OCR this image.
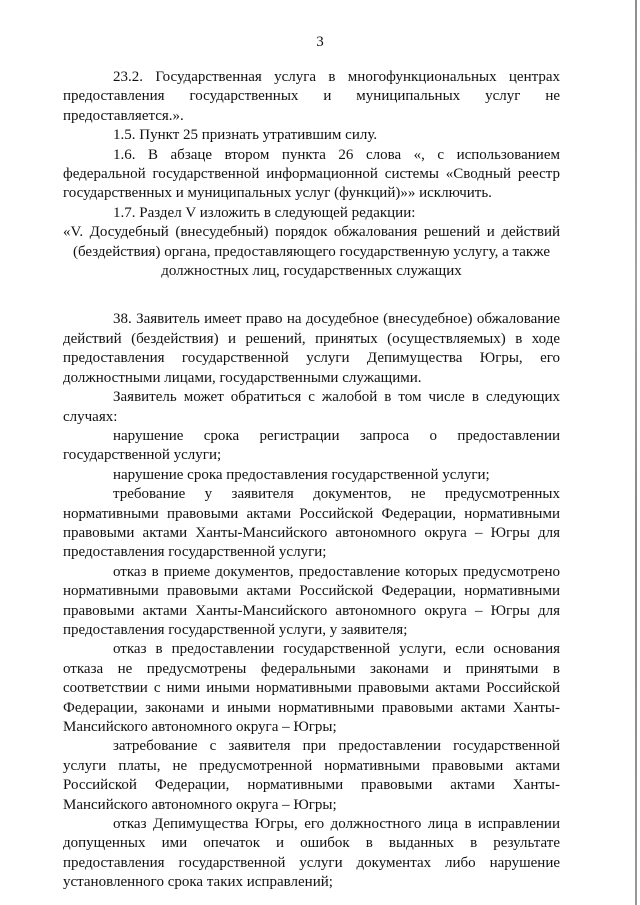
3

23.2. Государственная услуга в многофункциональных центрах предоставления государственных и муниципальных услуг не предоставляется.».

1.5. Пункт 25 признать утратившим силу.

1.6. В абзаце втором пункта 26 слова «, с использованием федеральной государственной информационной системы «Сводный реестр государственных и муниципальных услуг (функций)»» исключить.

1.7. Раздел V изложить в следующей редакции:

«V. Досудебный (внесудебный) порядок обжалования решений и действий (бездействия) органа, предоставляющего государственную услугу, а также

должностных лиц, государственных служащих

38. Заявитель имеет право на досудебное (внесудебное) обжалование действий (бездействия) и решений, принятых (осуществляемых) в ходе предоставления государственной услуги Депимущества Югры, его должностными лицами, государственными служащими.

Заявитель может обратиться с жалобой в том числе в следующих случаях:

нарушение срока регистрации запроса о предоставлении государственной услуги;

нарушение срока предоставления государственной услуги;

требование у заявителя документов, не предусмотренных нормативными правовыми актами Российской Федерации, нормативными правовыми актами Ханты-Мансийского автономного округа – Югры для предоставления государственной услуги;

отказ в приеме документов, предоставление которых предусмотрено нормативными правовыми актами Российской Федерации, нормативными правовыми актами Ханты-Мансийского автономного округа – Югры для предоставления государственной услуги, у заявителя;

отказ в предоставлении государственной услуги, если основания отказа не предусмотрены федеральными законами и принятыми в соответствии с ними иными нормативными правовыми актами Российской Федерации, законами и иными нормативными правовыми актами Ханты-Мансийского автономного округа – Югры;

затребование с заявителя при предоставлении государственной услуги платы, не предусмотренной нормативными правовыми актами Российской Федерации, нормативными правовыми актами Ханты-Мансийского автономного округа – Югры;

отказ Депимущества Югры, его должностного лица в исправлении допущенных ими опечаток и ошибок в выданных в результате предоставления государственной услуги документах либо нарушение установленного срока таких исправлений;
